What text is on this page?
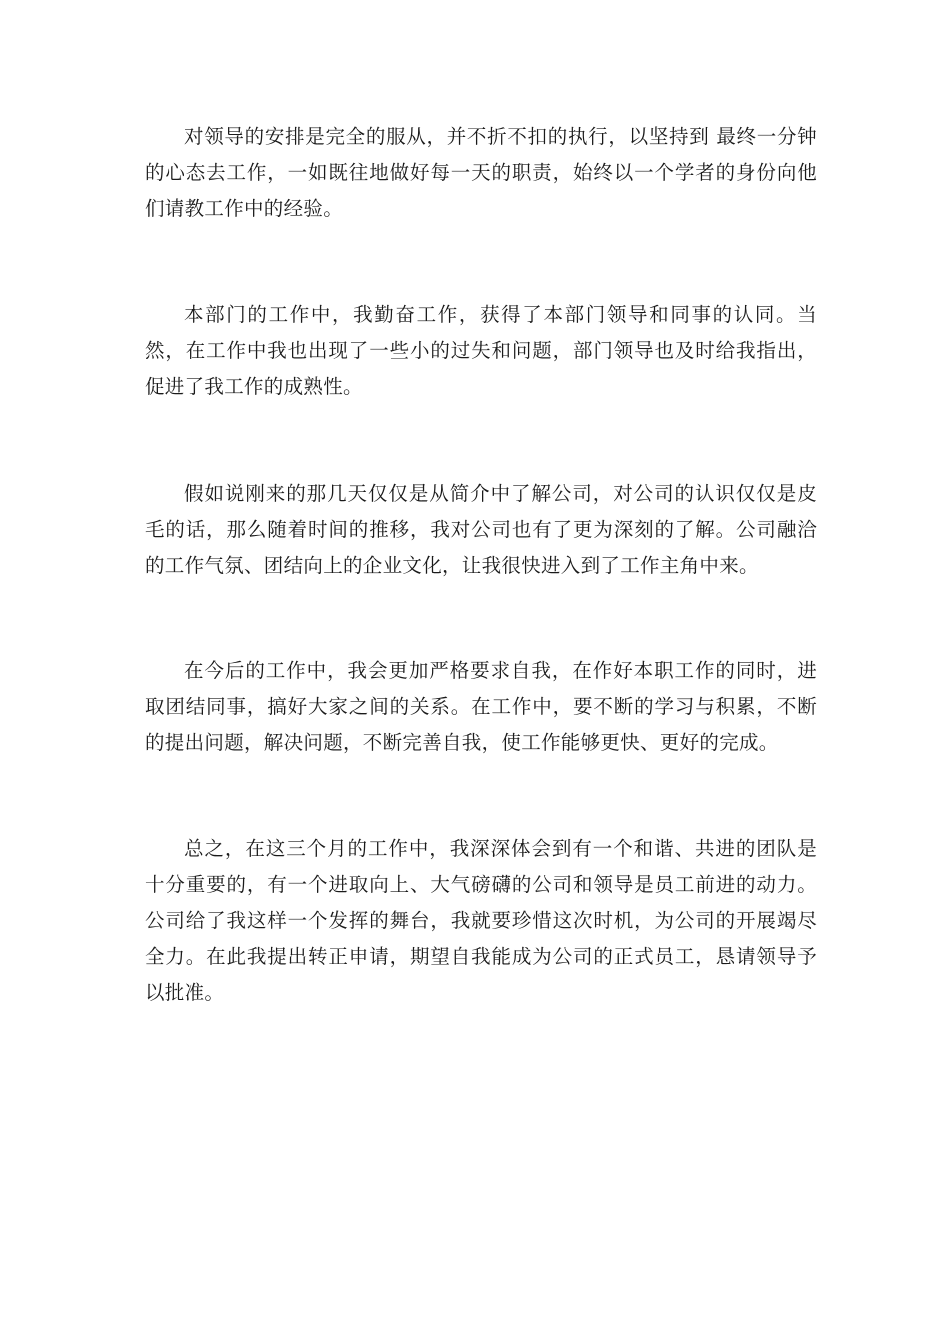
对领导的安排是完全的服从，并不折不扣的执行，以坚持到 最终一分钟 的心态去工作，一如既往地做好每一天的职责，始终以一个学者的身份向他们请教工作中的经验。

本部门的工作中，我勤奋工作，获得了本部门领导和同事的认同。当然，在工作中我也出现了一些小的过失和问题，部门领导也及时给我指出，促进了我工作的成熟性。

假如说刚来的那几天仅仅是从简介中了解公司，对公司的认识仅仅是皮毛的话，那么随着时间的推移，我对公司也有了更为深刻的了解。公司融洽的工作气氛、团结向上的企业文化，让我很快进入到了工作主角中来。

在今后的工作中，我会更加严格要求自我，在作好本职工作的同时，进取团结同事，搞好大家之间的关系。在工作中，要不断的学习与积累，不断的提出问题，解决问题，不断完善自我，使工作能够更快、更好的完成。

总之，在这三个月的工作中，我深深体会到有一个和谐、共进的团队是十分重要的，有一个进取向上、大气磅礴的公司和领导是员工前进的动力。公司给了我这样一个发挥的舞台，我就要珍惜这次时机，为公司的开展竭尽全力。在此我提出转正申请，期望自我能成为公司的正式员工，恳请领导予以批准。
